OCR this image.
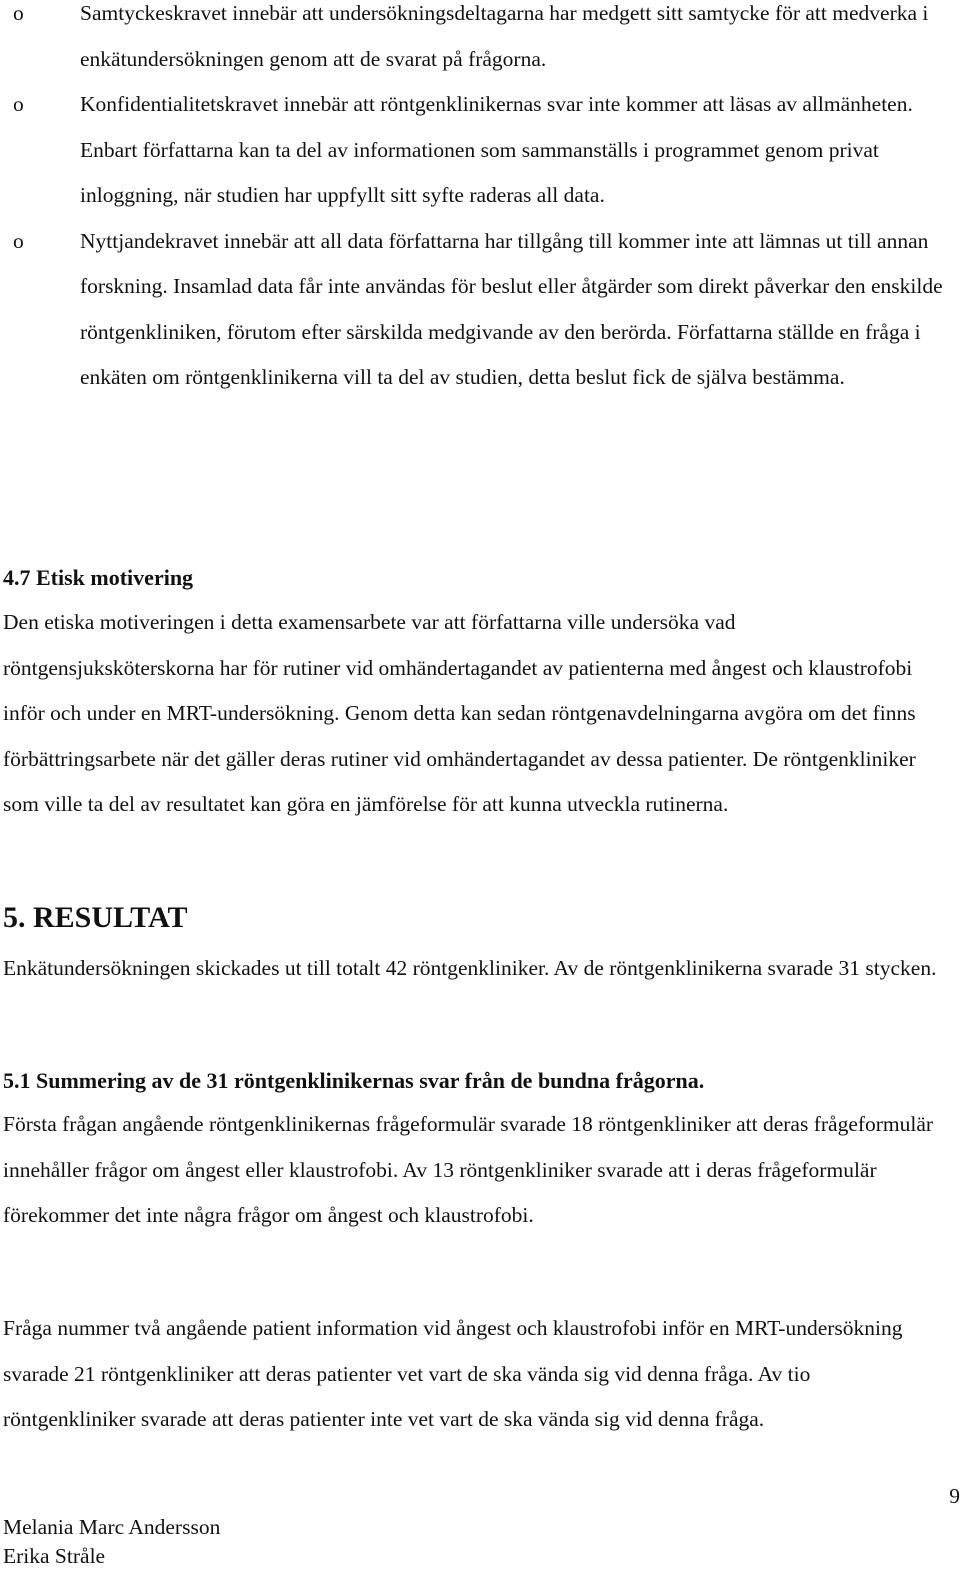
o	Samtyckeskravet innebär att undersökningsdeltagarna har medgett sitt samtycke för att medverka i enkätundersökningen genom att de svarat på frågorna.
o	Konfidentialitetskravet innebär att röntgenklinikernas svar inte kommer att läsas av allmänheten. Enbart författarna kan ta del av informationen som sammanställs i programmet genom privat inloggning, när studien har uppfyllt sitt syfte raderas all data.
o	Nyttjandekravet innebär att all data författarna har tillgång till kommer inte att lämnas ut till annan forskning. Insamlad data får inte användas för beslut eller åtgärder som direkt påverkar den enskilde röntgenkliniken, förutom efter särskilda medgivande av den berörda. Författarna ställde en fråga i enkäten om röntgenklinikerna vill ta del av studien, detta beslut fick de själva bestämma.
4.7 Etisk motivering

Den etiska motiveringen i detta examensarbete var att författarna ville undersöka vad röntgensjuksköterskorna har för rutiner vid omhändertagandet av patienterna med ångest och klaustrofobi inför och under en MRT-undersökning. Genom detta kan sedan röntgenavdelningarna avgöra om det finns förbättringsarbete när det gäller deras rutiner vid omhändertagandet av dessa patienter. De röntgenkliniker som ville ta del av resultatet kan göra en jämförelse för att kunna utveckla rutinerna.

5. RESULTAT

Enkätundersökningen skickades ut till totalt 42 röntgenkliniker. Av de röntgenklinikerna svarade 31 stycken.

5.1 Summering av de 31 röntgenklinikernas svar från de bundna frågorna.

Första frågan angående röntgenklinikernas frågeformulär svarade 18 röntgenkliniker att deras frågeformulär innehåller frågor om ångest eller klaustrofobi. Av 13 röntgenkliniker svarade att i deras frågeformulär förekommer det inte några frågor om ångest och klaustrofobi.

Fråga nummer två angående patient information vid ångest och klaustrofobi inför en MRT-undersökning svarade 21 röntgenkliniker att deras patienter vet vart de ska vända sig vid denna fråga. Av tio röntgenkliniker svarade att deras patienter inte vet vart de ska vända sig vid denna fråga.

9
Melania Marc Andersson
Erika Stråle
